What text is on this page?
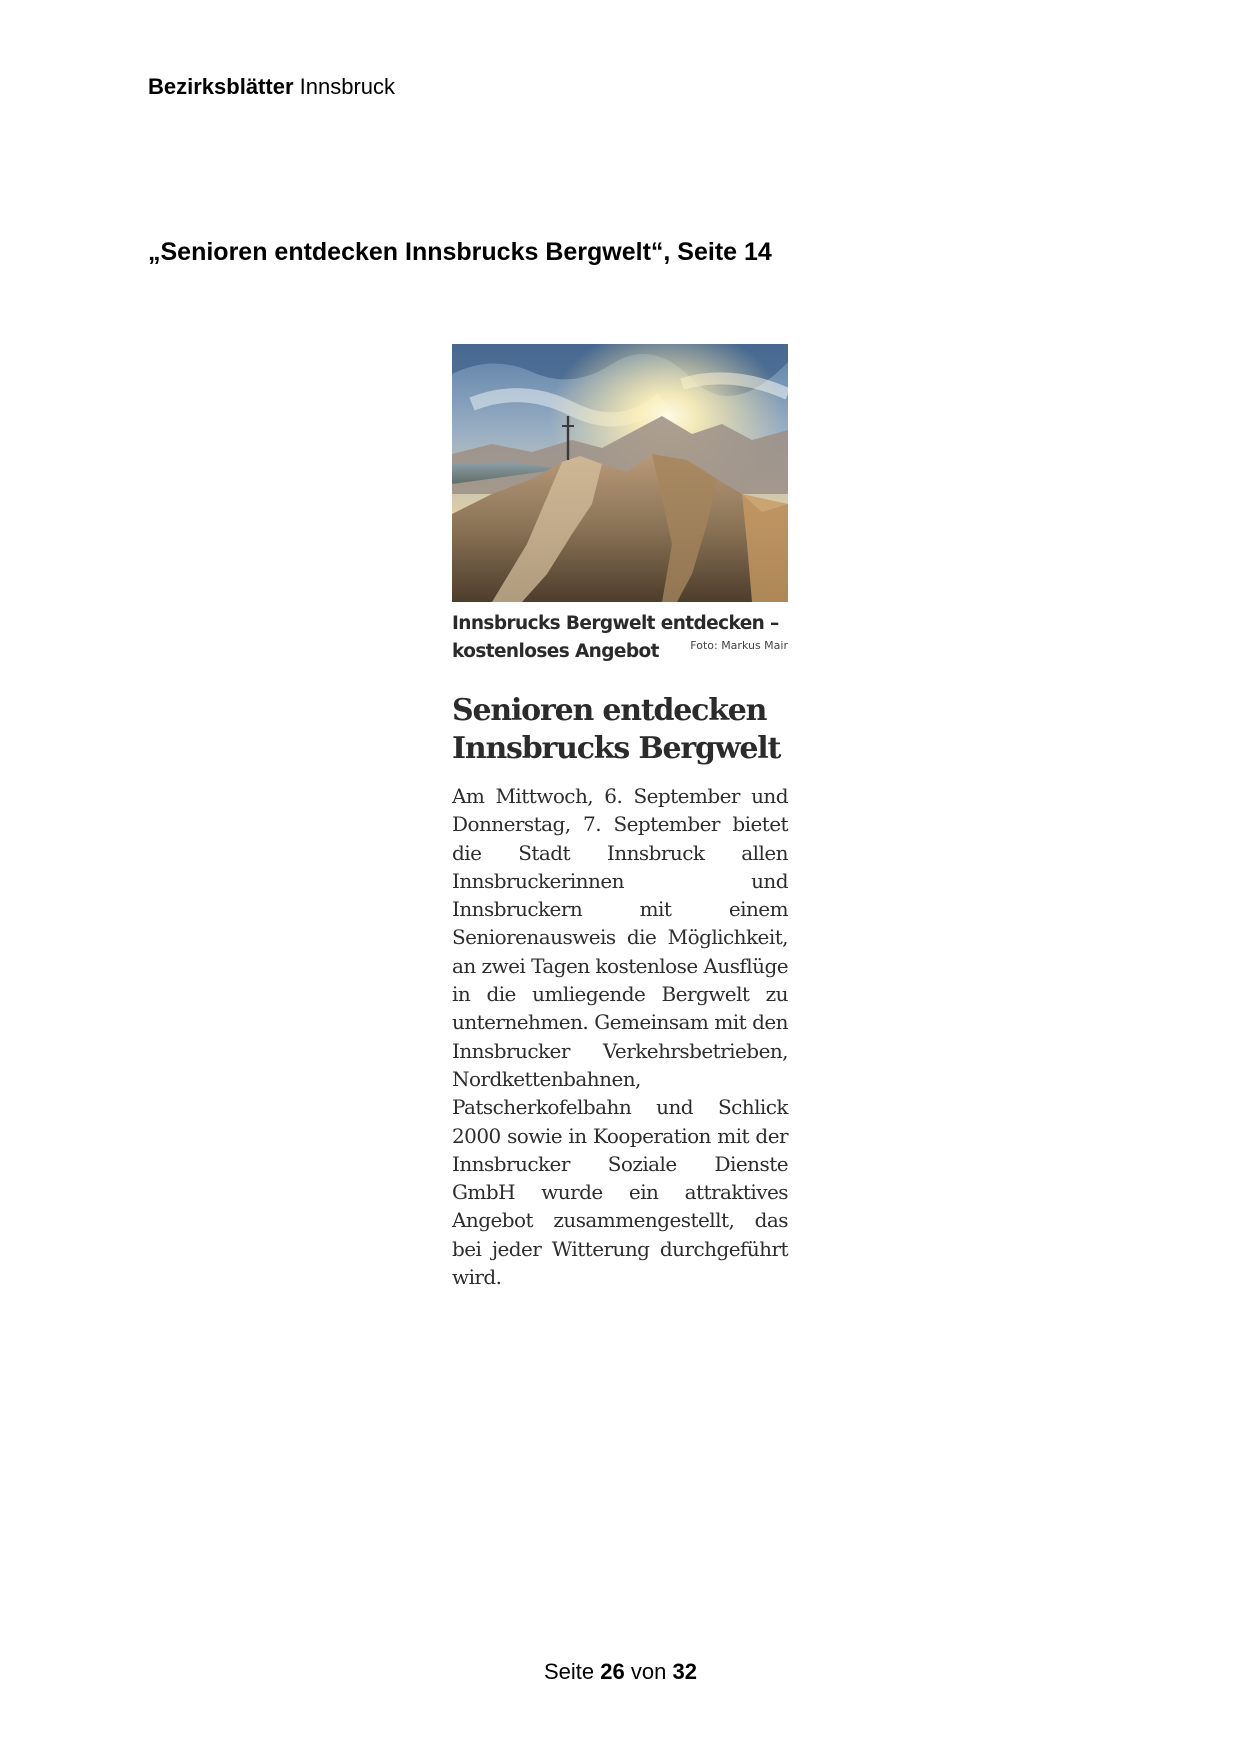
Bezirksblätter Innsbruck
„Senioren entdecken Innsbrucks Bergwelt“, Seite 14
Innsbrucks Bergwelt entdecken –
kostenloses Angebot	Foto: Markus Mair
Senioren entdecken
Innsbrucks Bergwelt
Am Mittwoch, 6. September und Donnerstag, 7. September bietet die Stadt Innsbruck allen Innsbruckerinnen und Innsbruckern mit einem Seniorenausweis die Möglichkeit, an zwei Tagen kostenlose Ausflüge in die umliegende Bergwelt zu unternehmen. Gemeinsam mit den Innsbrucker Verkehrsbetrieben, Nordkettenbahnen, Patscherkofelbahn und Schlick 2000 sowie in Kooperation mit der Innsbrucker Soziale Dienste GmbH wurde ein attraktives Angebot zusammengestellt, das bei jeder Witterung durchgeführt wird.
Seite 26 von 32
